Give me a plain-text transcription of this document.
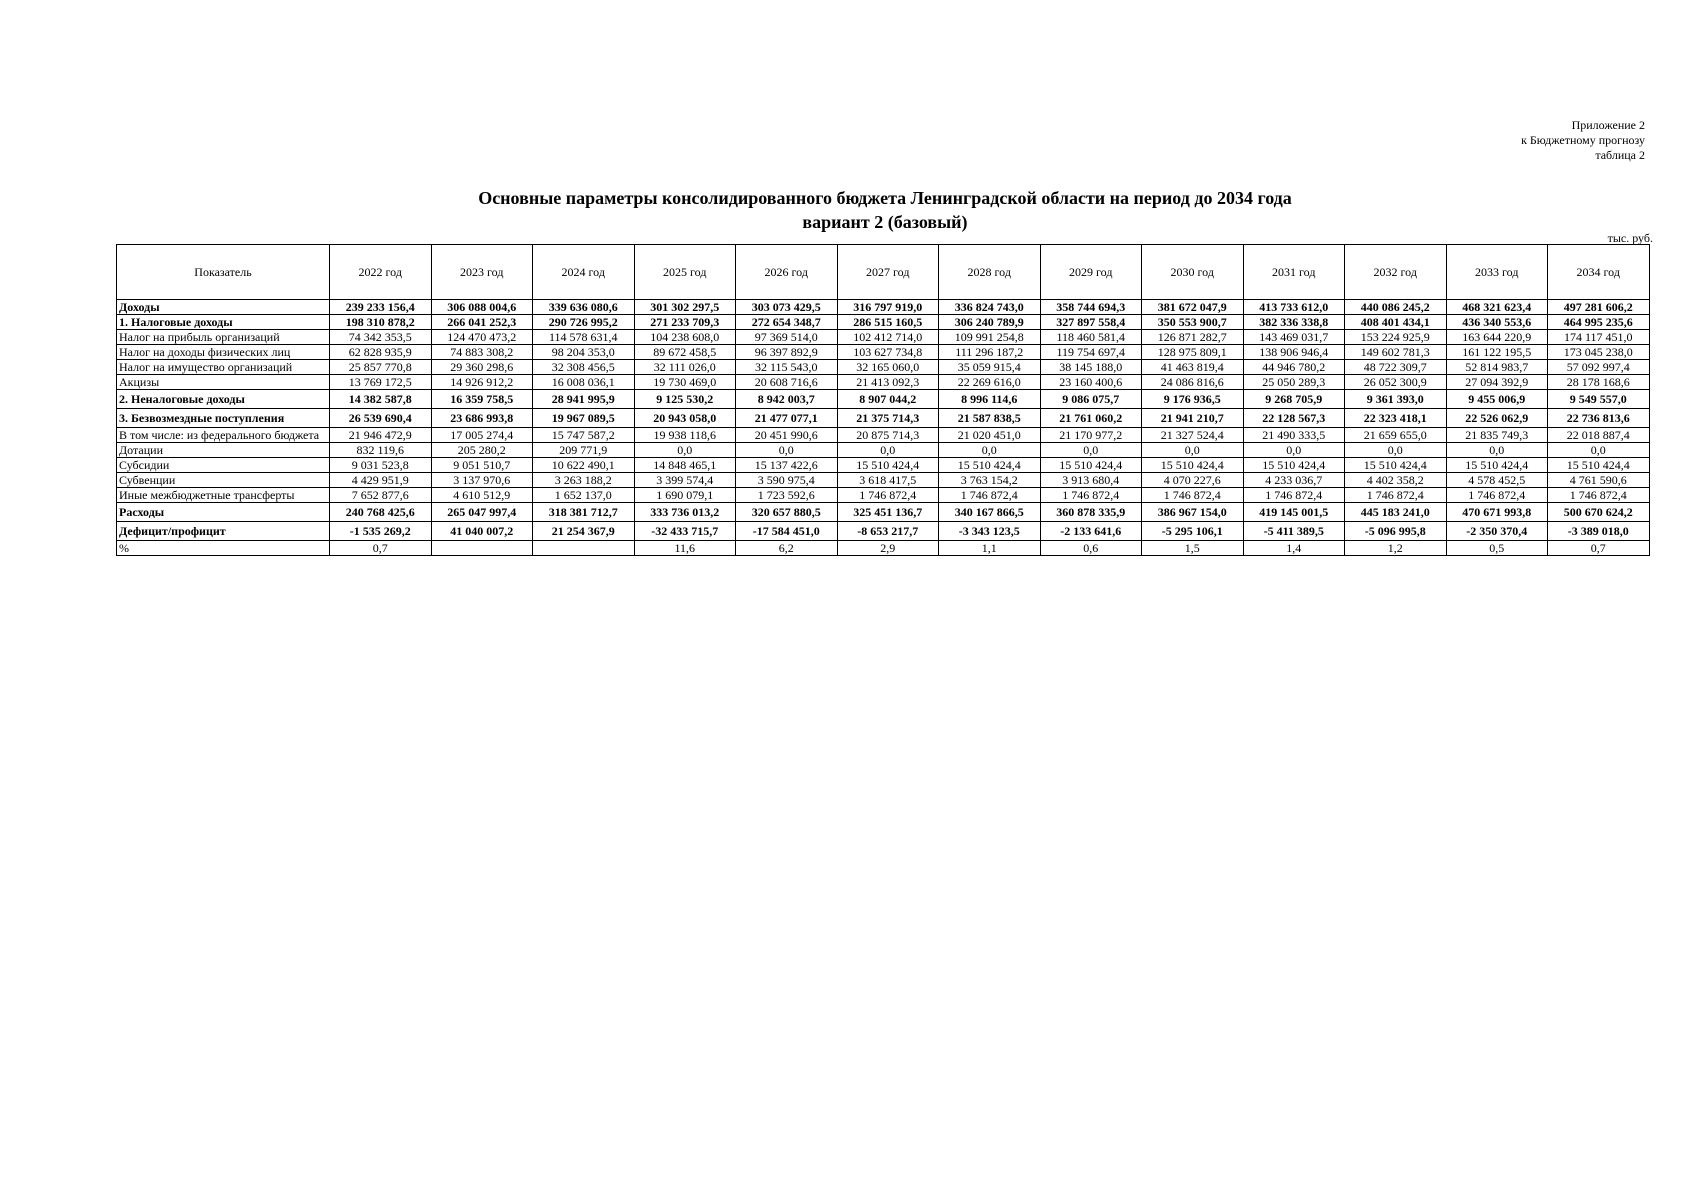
Приложение 2
к Бюджетному прогнозу
таблица 2
Основные параметры консолидированного бюджета Ленинградской области на период до 2034 года
вариант 2 (базовый)
тыс. руб.
Показатель	2022 год	2023 год	2024 год	2025 год	2026 год	2027 год	2028 год	2029 год	2030 год	2031 год	2032 год	2033 год	2034 год
Доходы	239 233 156,4	306 088 004,6	339 636 080,6	301 302 297,5	303 073 429,5	316 797 919,0	336 824 743,0	358 744 694,3	381 672 047,9	413 733 612,0	440 086 245,2	468 321 623,4	497 281 606,2
1. Налоговые доходы	198 310 878,2	266 041 252,3	290 726 995,2	271 233 709,3	272 654 348,7	286 515 160,5	306 240 789,9	327 897 558,4	350 553 900,7	382 336 338,8	408 401 434,1	436 340 553,6	464 995 235,6
Налог на прибыль организаций	74 342 353,5	124 470 473,2	114 578 631,4	104 238 608,0	97 369 514,0	102 412 714,0	109 991 254,8	118 460 581,4	126 871 282,7	143 469 031,7	153 224 925,9	163 644 220,9	174 117 451,0
Налог на доходы физических лиц	62 828 935,9	74 883 308,2	98 204 353,0	89 672 458,5	96 397 892,9	103 627 734,8	111 296 187,2	119 754 697,4	128 975 809,1	138 906 946,4	149 602 781,3	161 122 195,5	173 045 238,0
Налог на имущество организаций	25 857 770,8	29 360 298,6	32 308 456,5	32 111 026,0	32 115 543,0	32 165 060,0	35 059 915,4	38 145 188,0	41 463 819,4	44 946 780,2	48 722 309,7	52 814 983,7	57 092 997,4
Акцизы	13 769 172,5	14 926 912,2	16 008 036,1	19 730 469,0	20 608 716,6	21 413 092,3	22 269 616,0	23 160 400,6	24 086 816,6	25 050 289,3	26 052 300,9	27 094 392,9	28 178 168,6
2. Неналоговые доходы	14 382 587,8	16 359 758,5	28 941 995,9	9 125 530,2	8 942 003,7	8 907 044,2	8 996 114,6	9 086 075,7	9 176 936,5	9 268 705,9	9 361 393,0	9 455 006,9	9 549 557,0
3. Безвозмездные поступления	26 539 690,4	23 686 993,8	19 967 089,5	20 943 058,0	21 477 077,1	21 375 714,3	21 587 838,5	21 761 060,2	21 941 210,7	22 128 567,3	22 323 418,1	22 526 062,9	22 736 813,6
В том числе: из федерального бюджета	21 946 472,9	17 005 274,4	15 747 587,2	19 938 118,6	20 451 990,6	20 875 714,3	21 020 451,0	21 170 977,2	21 327 524,4	21 490 333,5	21 659 655,0	21 835 749,3	22 018 887,4
Дотации	832 119,6	205 280,2	209 771,9	0,0	0,0	0,0	0,0	0,0	0,0	0,0	0,0	0,0	0,0
Субсидии	9 031 523,8	9 051 510,7	10 622 490,1	14 848 465,1	15 137 422,6	15 510 424,4	15 510 424,4	15 510 424,4	15 510 424,4	15 510 424,4	15 510 424,4	15 510 424,4	15 510 424,4
Субвенции	4 429 951,9	3 137 970,6	3 263 188,2	3 399 574,4	3 590 975,4	3 618 417,5	3 763 154,2	3 913 680,4	4 070 227,6	4 233 036,7	4 402 358,2	4 578 452,5	4 761 590,6
Иные межбюджетные трансферты	7 652 877,6	4 610 512,9	1 652 137,0	1 690 079,1	1 723 592,6	1 746 872,4	1 746 872,4	1 746 872,4	1 746 872,4	1 746 872,4	1 746 872,4	1 746 872,4	1 746 872,4
Расходы	240 768 425,6	265 047 997,4	318 381 712,7	333 736 013,2	320 657 880,5	325 451 136,7	340 167 866,5	360 878 335,9	386 967 154,0	419 145 001,5	445 183 241,0	470 671 993,8	500 670 624,2
Дефицит/профицит	-1 535 269,2	41 040 007,2	21 254 367,9	-32 433 715,7	-17 584 451,0	-8 653 217,7	-3 343 123,5	-2 133 641,6	-5 295 106,1	-5 411 389,5	-5 096 995,8	-2 350 370,4	-3 389 018,0
%	0,7			11,6	6,2	2,9	1,1	0,6	1,5	1,4	1,2	0,5	0,7
